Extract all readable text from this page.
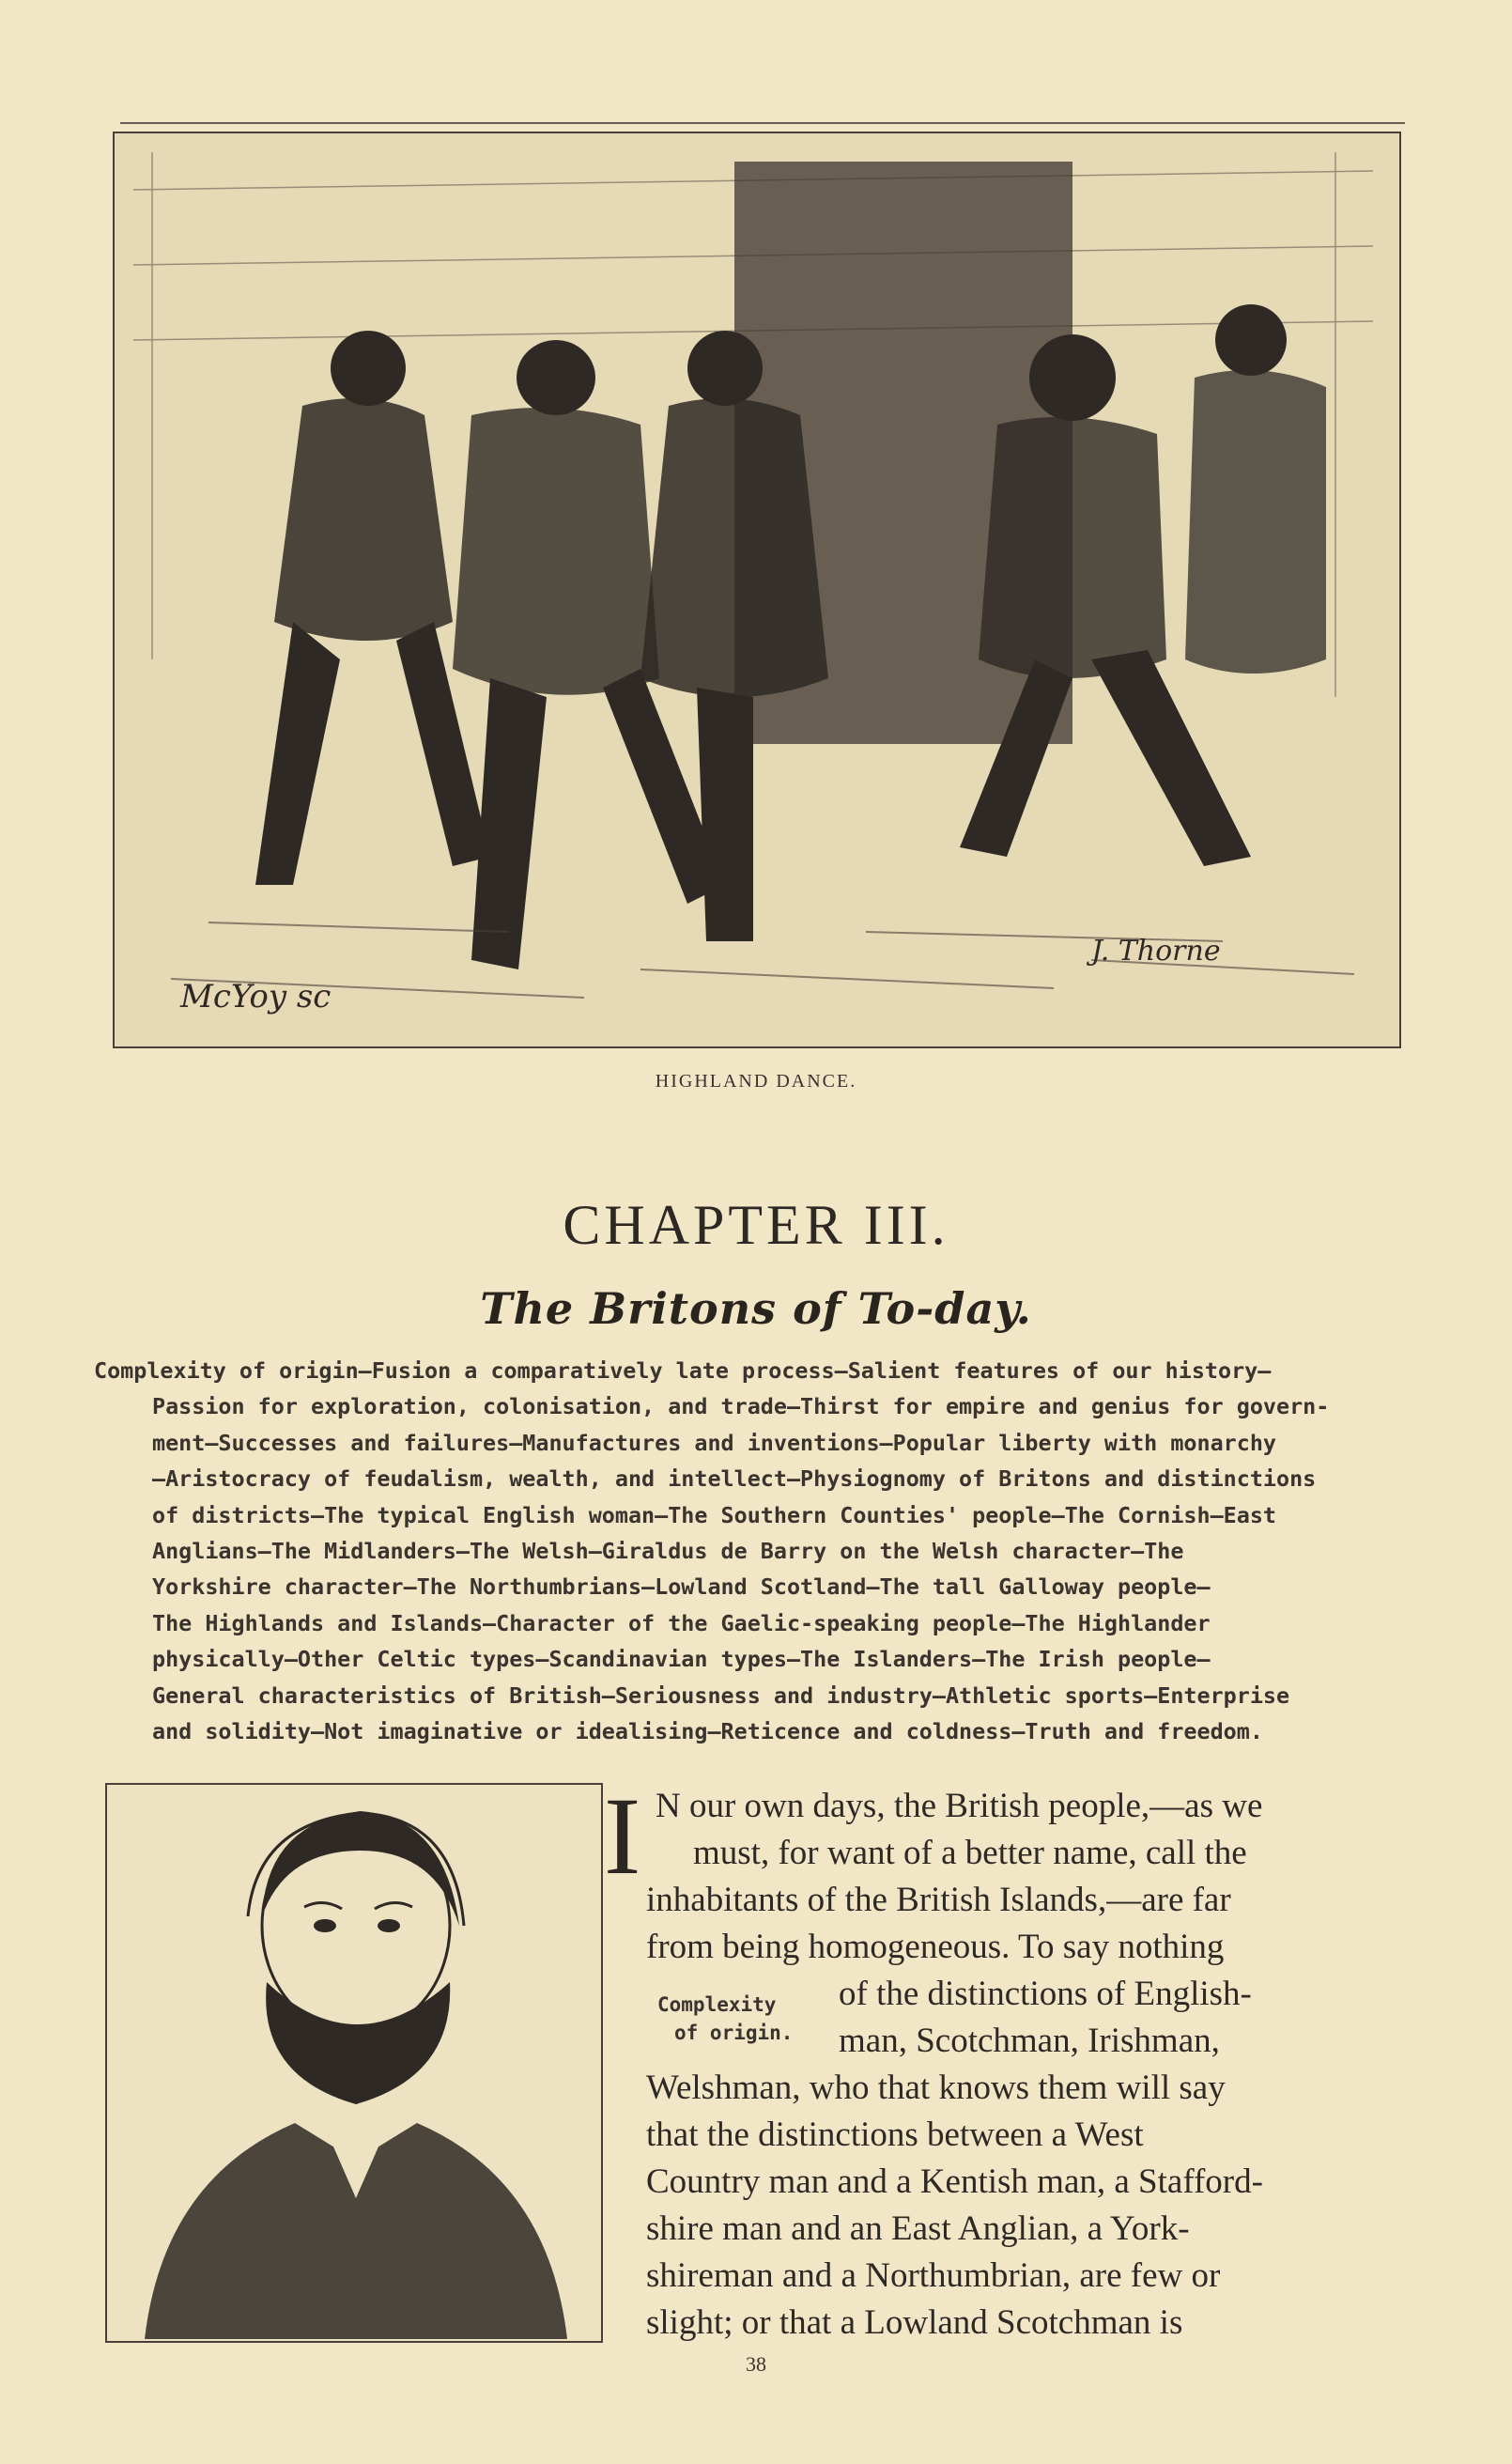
McYoy sc
J. Thorne
HIGHLAND DANCE.
CHAPTER III.
The Britons of To-day.
Complexity of origin—Fusion a comparatively late process—Salient features of our history—
Passion for exploration, colonisation, and trade—Thirst for empire and genius for govern-
ment—Successes and failures—Manufactures and inventions—Popular liberty with monarchy
—Aristocracy of feudalism, wealth, and intellect—Physiognomy of Britons and distinctions
of districts—The typical English woman—The Southern Counties' people—The Cornish—East
Anglians—The Midlanders—The Welsh—Giraldus de Barry on the Welsh character—The
Yorkshire character—The Northumbrians—Lowland Scotland—The tall Galloway people—
The Highlands and Islands—Character of the Gaelic-speaking people—The Highlander
physically—Other Celtic types—Scandinavian types—The Islanders—The Irish people—
General characteristics of British—Seriousness and industry—Athletic sports—Enterprise
and solidity—Not imaginative or idealising—Reticence and coldness—Truth and freedom.
I N our own days, the British people,—as we
must, for want of a better name, call the
inhabitants of the British Islands,—are far
from being homogeneous. To say nothing
of the distinctions of English-
man, Scotchman, Irishman,
Welshman, who that knows them will say
that the distinctions between a West
Country man and a Kentish man, a Stafford-
shire man and an East Anglian, a York-
shireman and a Northumbrian, are few or
slight; or that a Lowland Scotchman is
Complexity
of origin.
38
